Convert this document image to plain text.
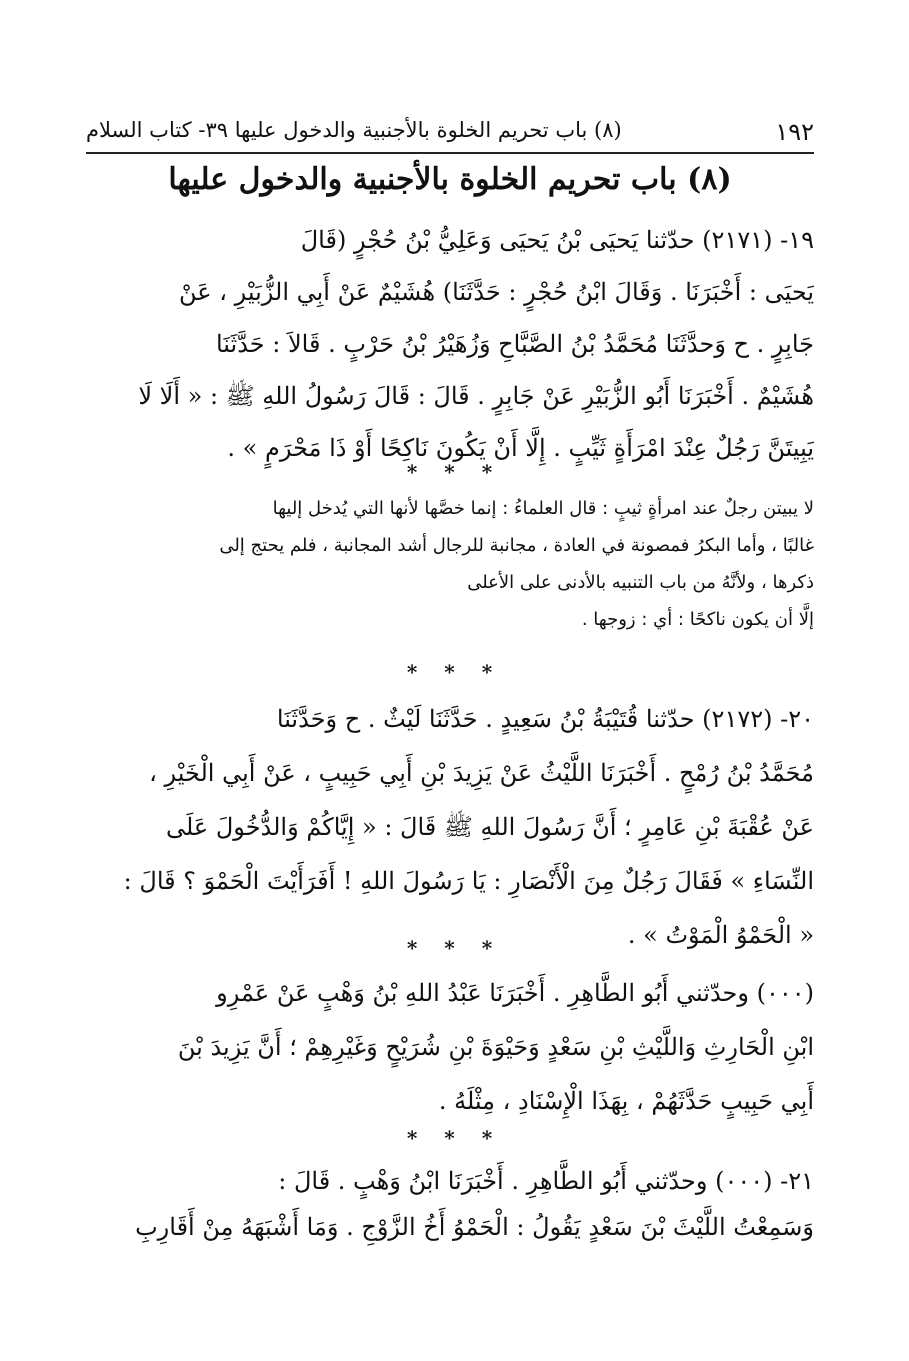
١٩٢
(٨) باب تحريم الخلوة بالأجنبية والدخول عليها ٣٩- كتاب السلام
(٨) باب تحريم الخلوة بالأجنبية والدخول عليها
١٩- (٢١٧١) حدّثنا يَحيَى بْنُ يَحيَى وَعَلِيُّ بْنُ حُجْرٍ (قَالَ
يَحيَى : أَخْبَرَنَا . وَقَالَ ابْنُ حُجْرٍ : حَدَّثَنَا) هُشَيْمٌ عَنْ أَبِي الزُّبَيْرِ ، عَنْ
جَابِرٍ . ح وَحدَّثَنَا مُحَمَّدُ بْنُ الصَّبَّاحِ وَزُهَيْرُ بْنُ حَرْبٍ . قَالاَ : حَدَّثَنَا
هُشَيْمٌ . أَخْبَرَنَا أَبُو الزُّبَيْرِ عَنْ جَابِرٍ . قَالَ : قَالَ رَسُولُ اللهِ ﷺ : « أَلَا لَا
يَبِيتَنَّ رَجُلٌ عِنْدَ امْرَأَةٍ ثَيِّبٍ . إِلَّا أَنْ يَكُونَ نَاكِحًا أَوْ ذَا مَحْرَمٍ » .
* * *
لا يبيتن رجلٌ عند امرأةٍ ثيبٍ : قال العلماءُ : إنما خصَّها لأنها التي يُدخل إليها
غالبًا ، وأما البكرُ فمصونة في العادة ، مجانبة للرجال أشد المجانبة ، فلم يحتج إلى
ذكرها ، ولأنَّهُ من باب التنبيه بالأدنى على الأعلى
إلَّا أن يكون ناكحًا : أي : زوجها .
* * *
٢٠- (٢١٧٢) حدّثنا قُتَيْبَةُ بْنُ سَعِيدٍ . حَدَّثَنَا لَيْثٌ . ح وَحَدَّثَنَا
مُحَمَّدُ بْنُ رُمْحٍ . أَخْبَرَنَا اللَّيْثُ عَنْ يَزِيدَ بْنِ أَبِي حَبِيبٍ ، عَنْ أَبِي الْخَيْرِ ،
عَنْ عُقْبَةَ بْنِ عَامِرٍ ؛ أَنَّ رَسُولَ اللهِ ﷺ قَالَ : « إِيَّاكُمْ وَالدُّخُولَ عَلَى
النِّسَاءِ » فَقَالَ رَجُلٌ مِنَ الْأَنْصَارِ : يَا رَسُولَ اللهِ ! أَفَرَأَيْتَ الْحَمْوَ ؟ قَالَ :
« الْحَمْوُ الْمَوْتُ » .
* * *
(٠٠٠) وحدّثني أَبُو الطَّاهِرِ . أَخْبَرَنَا عَبْدُ اللهِ بْنُ وَهْبٍ عَنْ عَمْرِو
ابْنِ الْحَارِثِ وَاللَّيْثِ بْنِ سَعْدٍ وَحَيْوَةَ بْنِ شُرَيْحٍ وَغَيْرِهِمْ ؛ أَنَّ يَزِيدَ بْنَ
أَبِي حَبِيبٍ حَدَّثَهُمْ ، بِهَذَا الْإِسْنَادِ ، مِثْلَهُ .
* * *
٢١- (٠٠٠) وحدّثني أَبُو الطَّاهِرِ . أَخْبَرَنَا ابْنُ وَهْبٍ . قَالَ :
وَسَمِعْتُ اللَّيْثَ بْنَ سَعْدٍ يَقُولُ : الْحَمْوُ أَخُ الزَّوْجِ . وَمَا أَشْبَهَهُ مِنْ أَقَارِبِ
